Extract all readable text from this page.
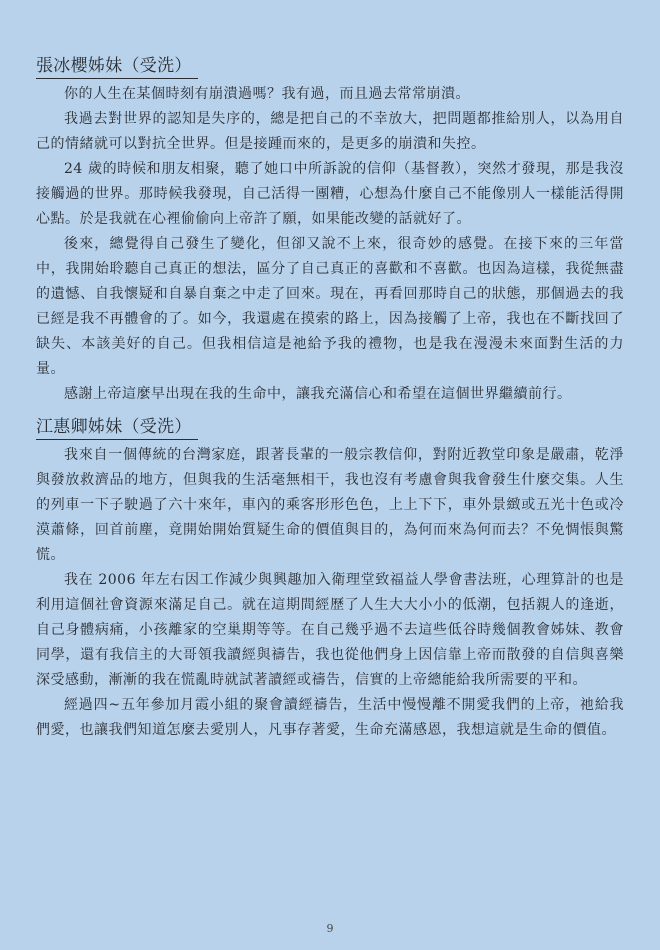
張冰櫻姊妹（受洗）

你的人生在某個時刻有崩潰過嗎？我有過，而且過去常常崩潰。

我過去對世界的認知是失序的，總是把自己的不幸放大，把問題都推給別人，以為用自己的情緒就可以對抗全世界。但是接踵而來的，是更多的崩潰和失控。

24 歲的時候和朋友相聚，聽了她口中所訴說的信仰（基督教），突然才發現，那是我沒接觸過的世界。那時候我發現，自己活得一團糟，心想為什麼自己不能像別人一樣能活得開心點。於是我就在心裡偷偷向上帝許了願，如果能改變的話就好了。

後來，總覺得自己發生了變化，但卻又說不上來，很奇妙的感覺。在接下來的三年當中，我開始聆聽自己真正的想法，區分了自己真正的喜歡和不喜歡。也因為這樣，我從無盡的遺憾、自我懷疑和自暴自棄之中走了回來。現在，再看回那時自己的狀態，那個過去的我已經是我不再體會的了。如今，我還處在摸索的路上，因為接觸了上帝，我也在不斷找回了缺失、本該美好的自己。但我相信這是祂給予我的禮物，也是我在漫漫未來面對生活的力量。

感謝上帝這麼早出現在我的生命中，讓我充滿信心和希望在這個世界繼續前行。

江惠卿姊妹（受洗）

我來自一個傳統的台灣家庭，跟著長輩的一般宗教信仰，對附近教堂印象是嚴肅，乾淨與發放救濟品的地方，但與我的生活毫無相干，我也沒有考慮會與我會發生什麼交集。人生的列車一下子駛過了六十來年，車內的乘客形形色色，上上下下，車外景緻或五光十色或冷漠蕭條，回首前塵，竟開始開始質疑生命的價值與目的，為何而來為何而去？不免惆悵與驚慌。

我在 2006 年左右因工作減少與興趣加入衛理堂致福益人學會書法班，心理算計的也是利用這個社會資源來滿足自己。就在這期間經歷了人生大大小小的低潮，包括親人的逢逝，自己身體病痛，小孩離家的空巢期等等。在自己幾乎過不去這些低谷時幾個教會姊妹、教會同學，還有我信主的大哥領我讀經與禱告，我也從他們身上因信靠上帝而散發的自信與喜樂深受感動，漸漸的我在慌亂時就試著讀經或禱告，信實的上帝總能給我所需要的平和。

經過四~五年參加月霞小組的聚會讀經禱告，生活中慢慢離不開愛我們的上帝，祂給我們愛，也讓我們知道怎麼去愛別人，凡事存著愛，生命充滿感恩，我想這就是生命的價值。

9
